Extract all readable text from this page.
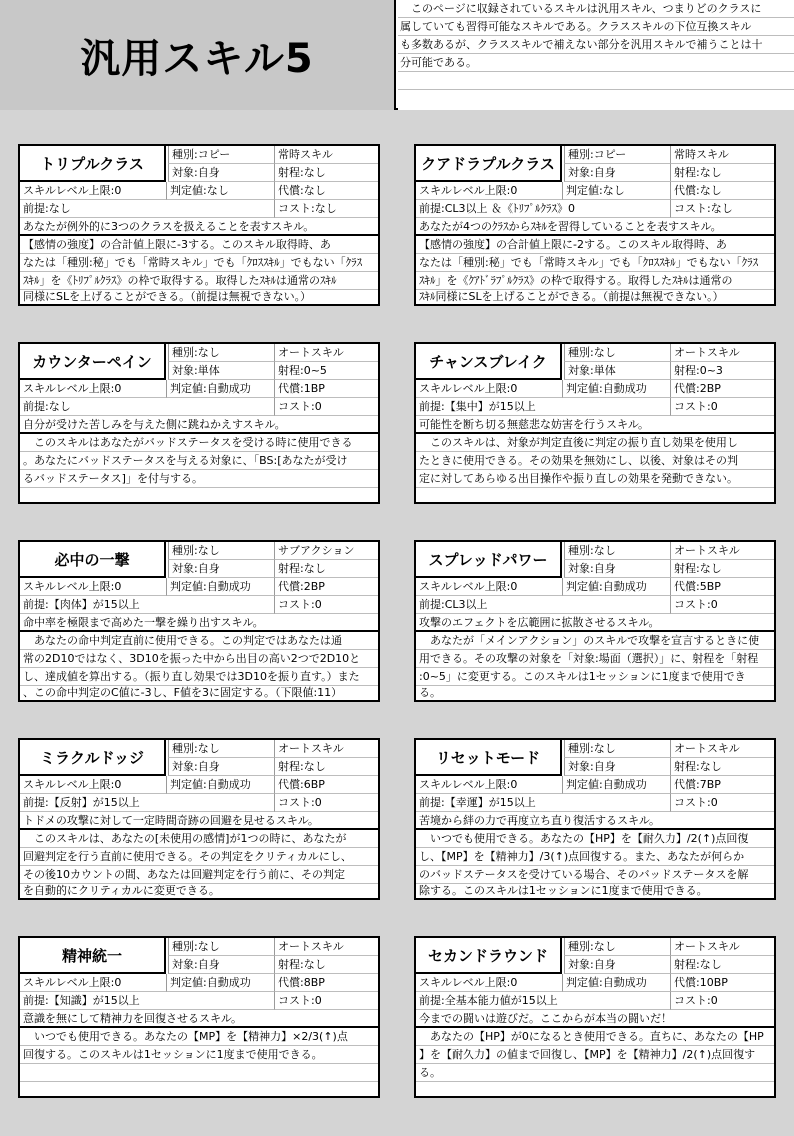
汎用スキル5
　このページに収録されているスキルは汎用スキル、つまりどのクラスに
属していても習得可能なスキルである。クラススキルの下位互換スキル
も多数あるが、クラススキルで補えない部分を汎用スキルで補うことは十
分可能である。
トリプルクラス	種別:コピー	常時スキル
対象:自身	射程:なし
スキルレベル上限:0	判定値:なし	代償:なし
前提:なし	コスト:なし
あなたが例外的に3つのクラスを扱えることを表すスキル。
【感情の強度】の合計値上限に-3する。このスキル取得時、あ
なたは「種別:秘」でも「常時スキル」でも「ｸﾛｽｽｷﾙ」でもない「ｸﾗｽ
ｽｷﾙ」を《ﾄﾘﾌﾟﾙｸﾗｽ》の枠で取得する。取得したｽｷﾙは通常のｽｷﾙ
同様にSLを上げることができる。（前提は無視できない。）
クアドラプルクラス	種別:コピー	常時スキル
対象:自身	射程:なし
スキルレベル上限:0	判定値:なし	代償:なし
前提:CL3以上 ＆《ﾄﾘﾌﾟﾙｸﾗｽ》0	コスト:なし
あなたが4つのｸﾗｽからｽｷﾙを習得していることを表すスキル。
【感情の強度】の合計値上限に-2する。このスキル取得時、あ
なたは「種別:秘」でも「常時スキル」でも「ｸﾛｽｽｷﾙ」でもない「ｸﾗｽ
ｽｷﾙ」を《ｸｱﾄﾞﾗﾌﾟﾙｸﾗｽ》の枠で取得する。取得したｽｷﾙは通常の
ｽｷﾙ同様にSLを上げることができる。（前提は無視できない。）
カウンターペイン	種別:なし	オートスキル
対象:単体	射程:0~5
スキルレベル上限:0	判定値:自動成功	代償:1BP
前提:なし	コスト:0
自分が受けた苦しみを与えた側に跳ねかえすスキル。
　このスキルはあなたがバッドステータスを受ける時に使用できる
。あなたにバッドステータスを与える対象に、「BS:[あなたが受け
るバッドステータス]」を付与する。
チャンスブレイク	種別:なし	オートスキル
対象:単体	射程:0~3
スキルレベル上限:0	判定値:自動成功	代償:2BP
前提:【集中】が15以上	コスト:0
可能性を断ち切る無慈悲な妨害を行うスキル。
　このスキルは、対象が判定直後に判定の振り直し効果を使用し
たときに使用できる。その効果を無効にし、以後、対象はその判
定に対してあらゆる出目操作や振り直しの効果を発動できない。
必中の一撃	種別:なし	サブアクション
対象:自身	射程:なし
スキルレベル上限:0	判定値:自動成功	代償:2BP
前提:【肉体】が15以上	コスト:0
命中率を極限まで高めた一撃を繰り出すスキル。
　あなたの命中判定直前に使用できる。この判定ではあなたは通
常の2D10ではなく、3D10を振った中から出目の高い2つで2D10と
し、達成値を算出する。（振り直し効果では3D10を振り直す。）また
、この命中判定のC値に-3し、F値を3に固定する。（下限値:11）
スプレッドパワー	種別:なし	オートスキル
対象:自身	射程:なし
スキルレベル上限:0	判定値:自動成功	代償:5BP
前提:CL3以上	コスト:0
攻撃のエフェクトを広範囲に拡散させるスキル。
　あなたが「メインアクション」のスキルで攻撃を宣言するときに使
用できる。その攻撃の対象を「対象:場面（選択）」に、射程を「射程
:0~5」に変更する。このスキルは1セッションに1度まで使用でき
る。
ミラクルドッジ	種別:なし	オートスキル
対象:自身	射程:なし
スキルレベル上限:0	判定値:自動成功	代償:6BP
前提:【反射】が15以上	コスト:0
トドメの攻撃に対して一定時間奇跡の回避を見せるスキル。
　このスキルは、あなたの[未使用の感情]が1つの時に、あなたが
回避判定を行う直前に使用できる。その判定をクリティカルにし、
その後10カウントの間、あなたは回避判定を行う前に、その判定
を自動的にクリティカルに変更できる。
リセットモード	種別:なし	オートスキル
対象:自身	射程:なし
スキルレベル上限:0	判定値:自動成功	代償:7BP
前提:【幸運】が15以上	コスト:0
苦境から絆の力で再度立ち直り復活するスキル。
　いつでも使用できる。あなたの【HP】を【耐久力】/2(↑)点回復
し、【MP】を【精神力】/3(↑)点回復する。また、あなたが何らか
のバッドステータスを受けている場合、そのバッドステータスを解
除する。このスキルは1セッションに1度まで使用できる。
精神統一	種別:なし	オートスキル
対象:自身	射程:なし
スキルレベル上限:0	判定値:自動成功	代償:8BP
前提:【知識】が15以上	コスト:0
意識を無にして精神力を回復させるスキル。
　いつでも使用できる。あなたの【MP】を【精神力】×2/3(↑)点
回復する。このスキルは1セッションに1度まで使用できる。
セカンドラウンド	種別:なし	オートスキル
対象:自身	射程:なし
スキルレベル上限:0	判定値:自動成功	代償:10BP
前提:全基本能力値が15以上	コスト:0
今までの闘いは遊びだ。ここからが本当の闘いだ！
　あなたの【HP】が0になるとき使用できる。直ちに、あなたの【HP
】を【耐久力】の値まで回復し、【MP】を【精神力】/2(↑)点回復す
る。
